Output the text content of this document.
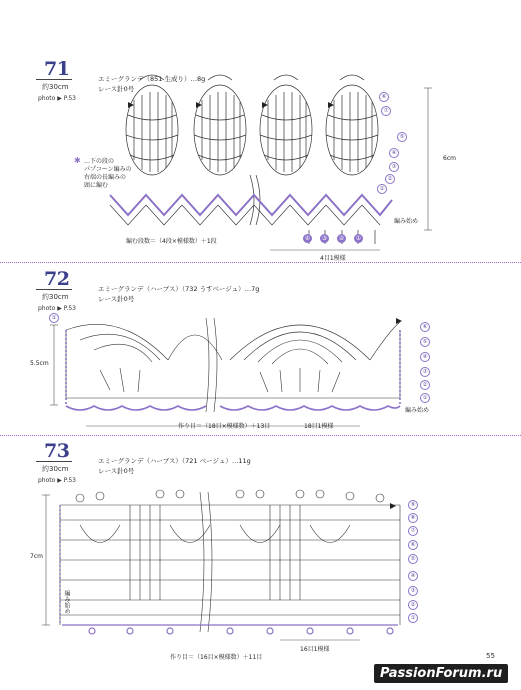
71
約30cm
photo ▶ P.53
エミーグランデ（851 生成り）…8g
レース針0号
✱ …下の段の
パプコーン編みの
右端の長編みの
頭に編む
⑥
⑦
⑤
④
③
②
①
6cm
編み始め
④	③	②	①
編む段数＝（4段×模様数）＋1段
4目1模様
72
約30cm
photo ▶ P.53
エミーグランデ（ハーブス）（732 うすベージュ）…7g
レース針0号
①
5.5cm
⑥
⑤
④
③
②
①
編み始め
作り目＝（18目×模様数）＋13目	18目1模様
73
約30cm
photo ▶ P.53
エミーグランデ（ハーブス）（721 ベージュ）…11g
レース針0号
7cm
編み始め
⑨
⑧
⑦
⑥
⑤
④
③
②
①
16目1模様
作り目＝（16目×模様数）＋11目	55
PassionForum.ru
